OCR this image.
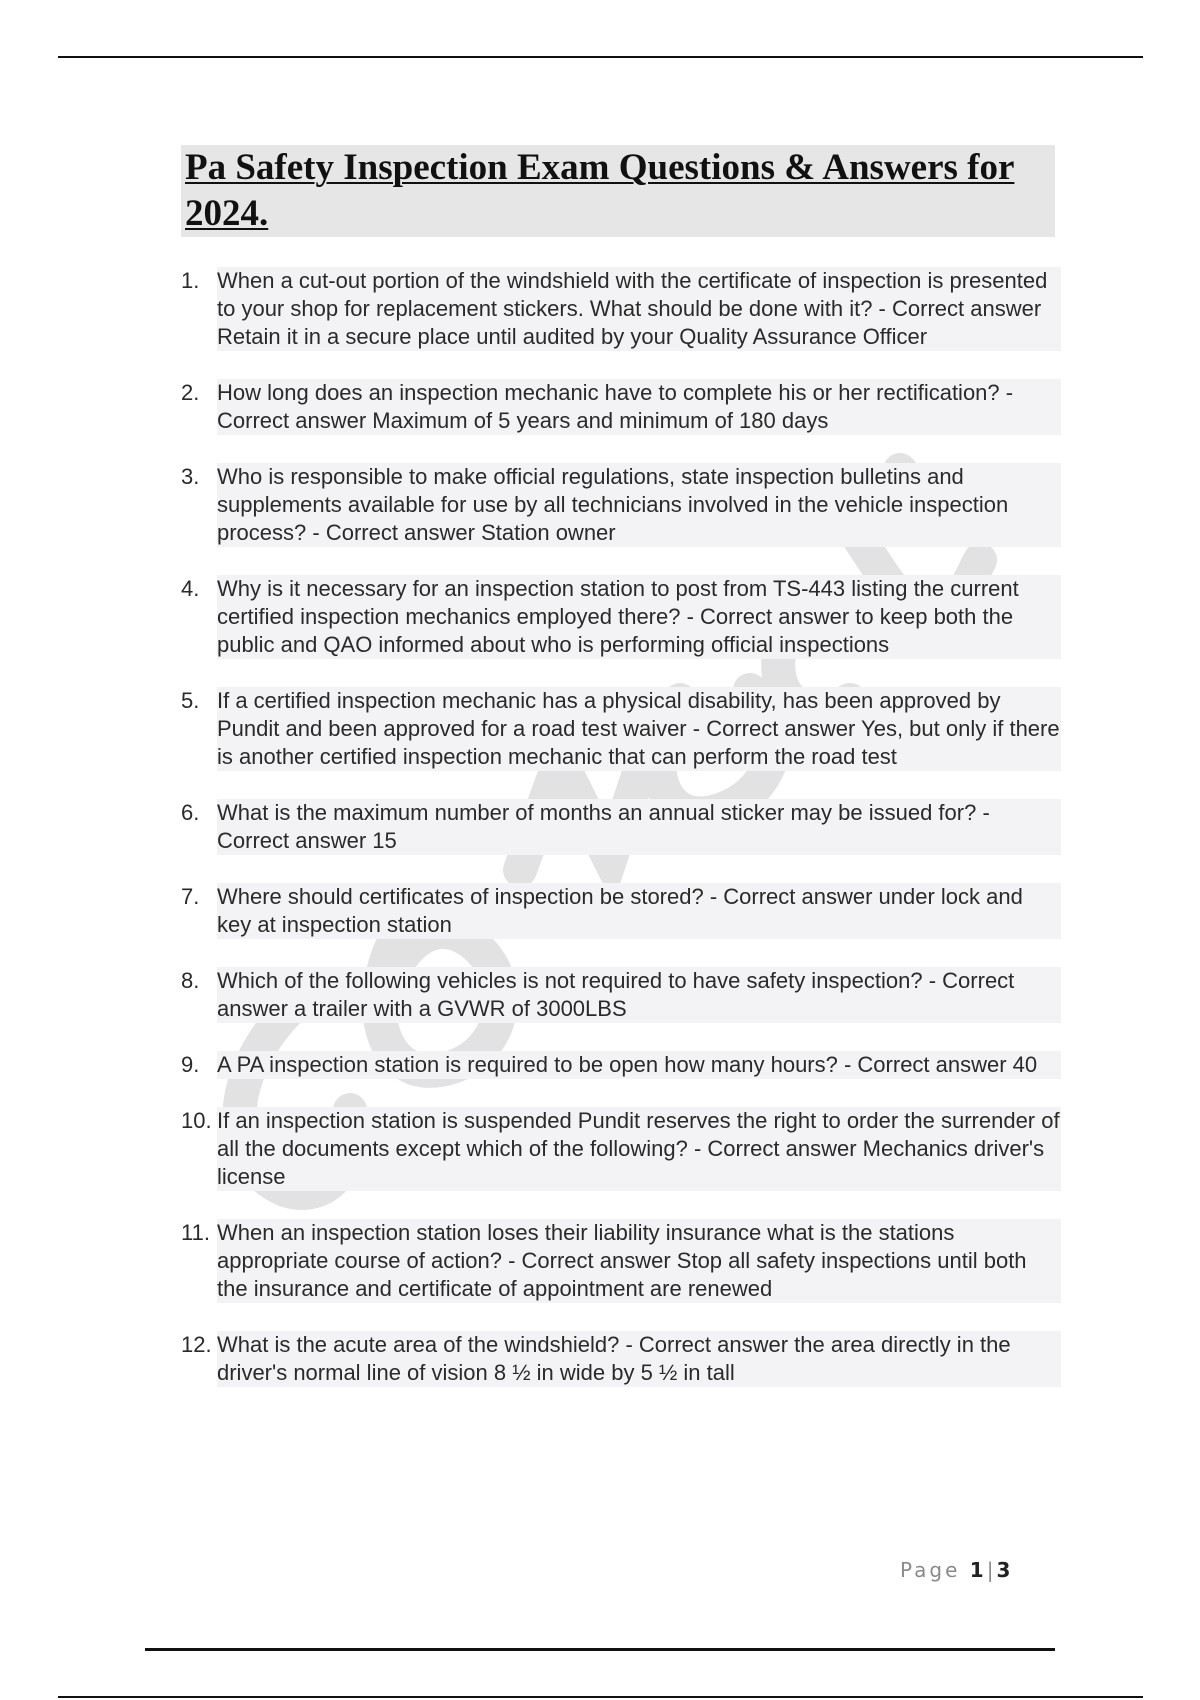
Pa Safety Inspection Exam Questions & Answers for 2024.
1. When a cut-out portion of the windshield with the certificate of inspection is presented to your shop for replacement stickers. What should be done with it? - Correct answer Retain it in a secure place until audited by your Quality Assurance Officer
2. How long does an inspection mechanic have to complete his or her rectification? - Correct answer Maximum of 5 years and minimum of 180 days
3. Who is responsible to make official regulations, state inspection bulletins and supplements available for use by all technicians involved in the vehicle inspection process? - Correct answer Station owner
4. Why is it necessary for an inspection station to post from TS-443 listing the current certified inspection mechanics employed there? - Correct answer to keep both the public and QAO informed about who is performing official inspections
5. If a certified inspection mechanic has a physical disability, has been approved by Pundit and been approved for a road test waiver - Correct answer Yes, but only if there is another certified inspection mechanic that can perform the road test
6. What is the maximum number of months an annual sticker may be issued for? - Correct answer 15
7. Where should certificates of inspection be stored? - Correct answer under lock and key at inspection station
8. Which of the following vehicles is not required to have safety inspection? - Correct answer a trailer with a GVWR of 3000LBS
9. A PA inspection station is required to be open how many hours? - Correct answer 40
10. If an inspection station is suspended Pundit reserves the right to order the surrender of all the documents except which of the following? - Correct answer Mechanics driver's license
11. When an inspection station loses their liability insurance what is the stations appropriate course of action? - Correct answer Stop all safety inspections until both the insurance and certificate of appointment are renewed
12. What is the acute area of the windshield? - Correct answer the area directly in the driver's normal line of vision 8 ½ in wide by 5 ½ in tall
Page 1|3
